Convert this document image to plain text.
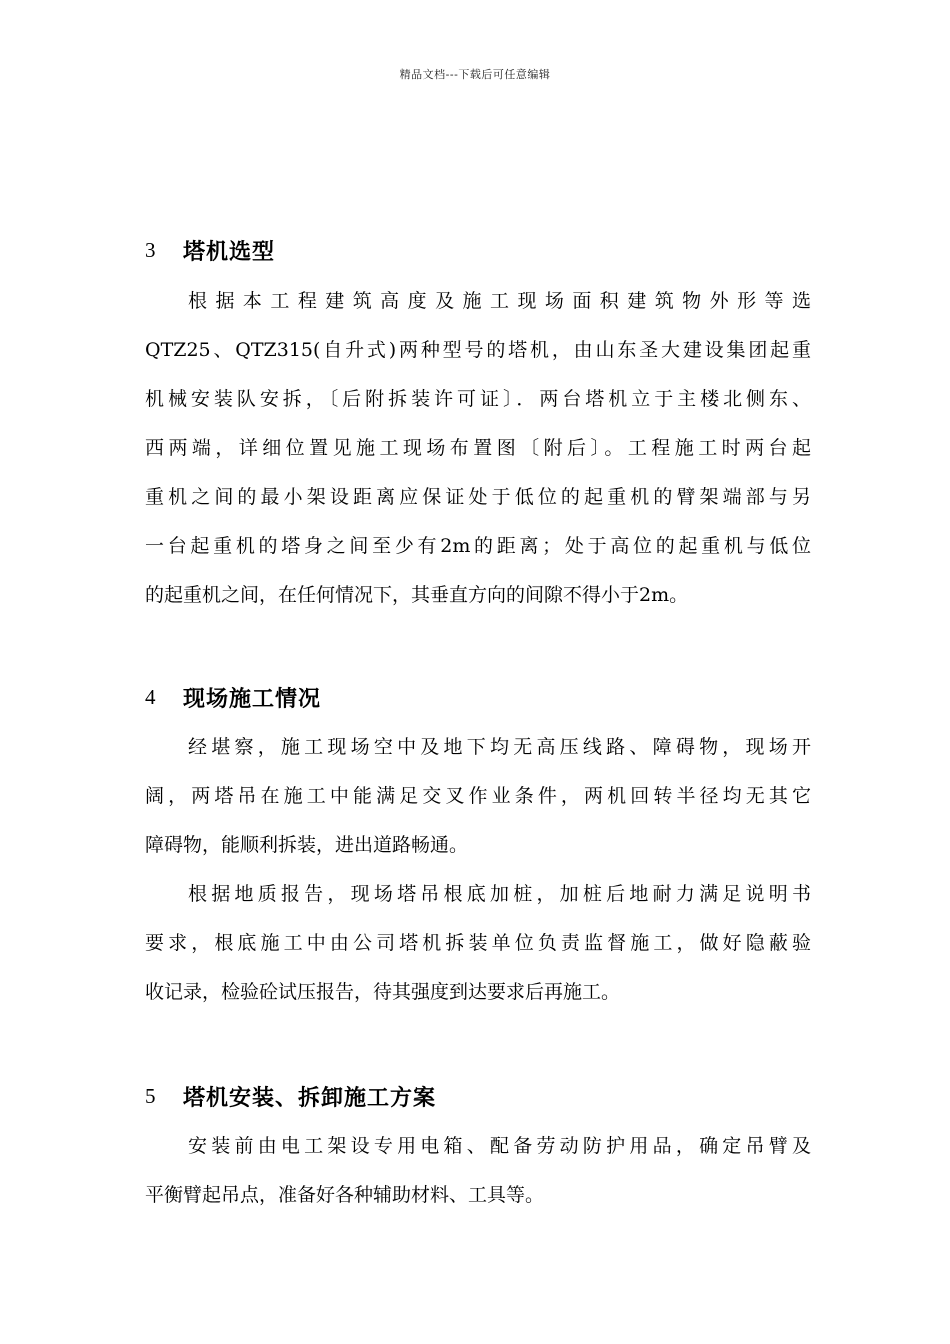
精品文档---下载后可任意编辑
3	塔机选型
根据本工程建筑高度及施工现场面积建筑物外形等选
QTZ25、QTZ315(自升式)两种型号的塔机，由山东圣大建设集团起重
机械安装队安拆，〔后附拆装许可证〕．两台塔机立于主楼北侧东、
西两端，详细位置见施工现场布置图〔附后〕。工程施工时两台起
重机之间的最小架设距离应保证处于低位的起重机的臂架端部与另
一台起重机的塔身之间至少有2m的距离；处于高位的起重机与低位
的起重机之间，在任何情况下，其垂直方向的间隙不得小于2m。
4	现场施工情况
经堪察，施工现场空中及地下均无高压线路、障碍物，现场开
阔，两塔吊在施工中能满足交叉作业条件，两机回转半径均无其它
障碍物，能顺利拆装，进出道路畅通。
根据地质报告，现场塔吊根底加桩，加桩后地耐力满足说明书
要求，根底施工中由公司塔机拆装单位负责监督施工，做好隐蔽验
收记录，检验砼试压报告，待其强度到达要求后再施工。
5	塔机安装、拆卸施工方案
安装前由电工架设专用电箱、配备劳动防护用品，确定吊臂及
平衡臂起吊点，准备好各种辅助材料、工具等。
